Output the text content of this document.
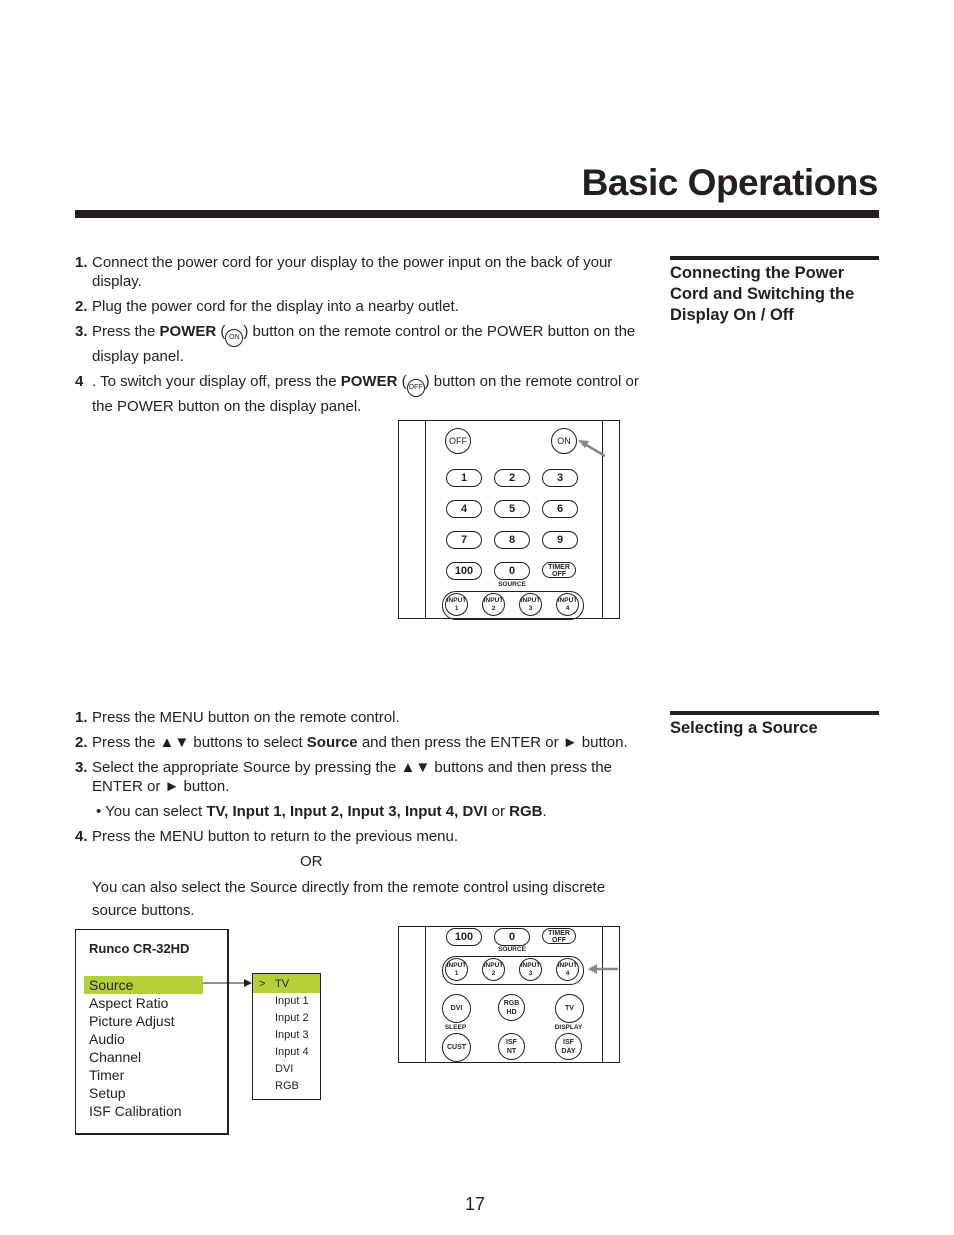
Basic Operations
Connecting the Power Cord and Switching the Display On / Off

1. Connect the power cord for your display to the power input on the back of your display.

2. Plug the power cord for the display into a nearby outlet.

3. Press the POWER ( ON ) button on the remote control or the POWER button on the display panel.

4 . To switch your display off, press the POWER ( OFF ) button on the remote control or the POWER button on the display panel.

OFF	ON
1	2	3
4	5	6
7	8	9
100	0	TIMER
OFF
SOURCE
INPUT
1
INPUT
2
INPUT
3
INPUT
4
Selecting a Source

1. Press the MENU button on the remote control.

2. Press the ▲▼ buttons to select Source and then press the ENTER or ► button.

3. Select the appropriate Source by pressing the ▲▼ buttons and then press the ENTER or ► button.

• You can select TV, Input 1, Input 2, Input 3, Input 4, DVI or RGB.

4. Press the MENU button to return to the previous menu.

OR

You can also select the Source directly from the remote control using discrete source buttons.

Runco CR-32HD
Source
Aspect Ratio
Picture Adjust
Audio
Channel
Timer
Setup
ISF Calibration
> TV
Input 1
Input 2
Input 3
Input 4
DVI
RGB
100	0	TIMER
OFF
SOURCE
INPUT
1
INPUT
2
INPUT
3
INPUT
4
DVI
RGB
HD
TV
SLEEP	DISPLAY
CUST
ISF
NT
ISF
DAY
17
